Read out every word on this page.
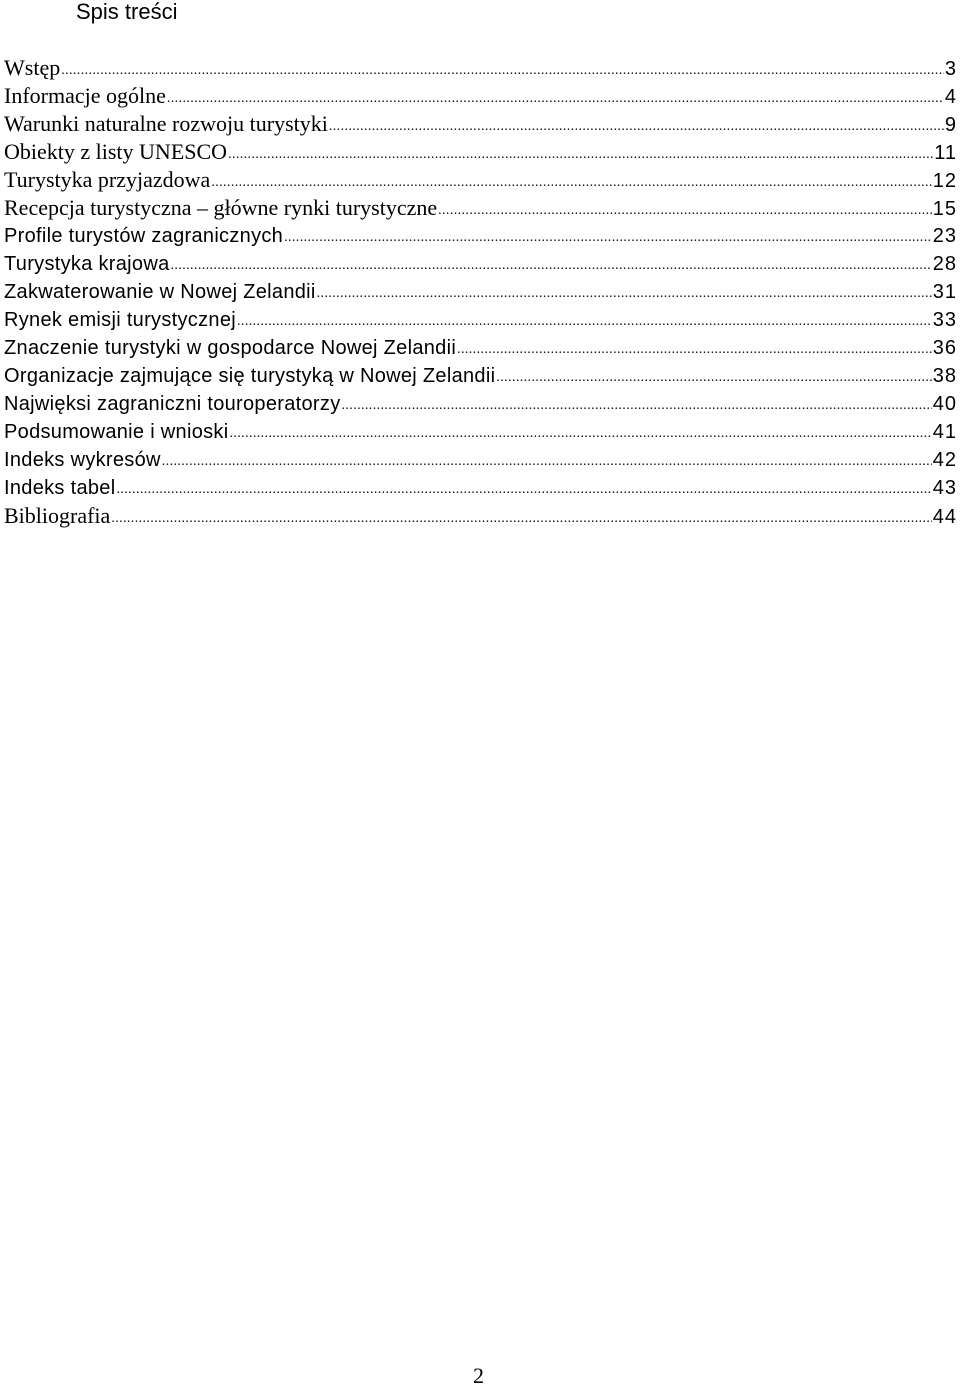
Spis treści
Wstęp .....	3
Informacje ogólne .....	4
Warunki naturalne rozwoju turystyki .....	9
Obiekty z listy UNESCO .....	11
Turystyka przyjazdowa .....	12
Recepcja turystyczna – główne rynki turystyczne .....	15
Profile turystów zagranicznych .....	23
Turystyka krajowa .....	28
Zakwaterowanie w Nowej Zelandii .....	31
Rynek emisji turystycznej .....	33
Znaczenie turystyki w gospodarce Nowej Zelandii .....	36
Organizacje zajmujące się turystyką w Nowej Zelandii .....	38
Najwięksi zagraniczni touroperatorzy .....	40
Podsumowanie i wnioski .....	41
Indeks wykresów .....	42
Indeks tabel .....	43
Bibliografia .....	44
2
